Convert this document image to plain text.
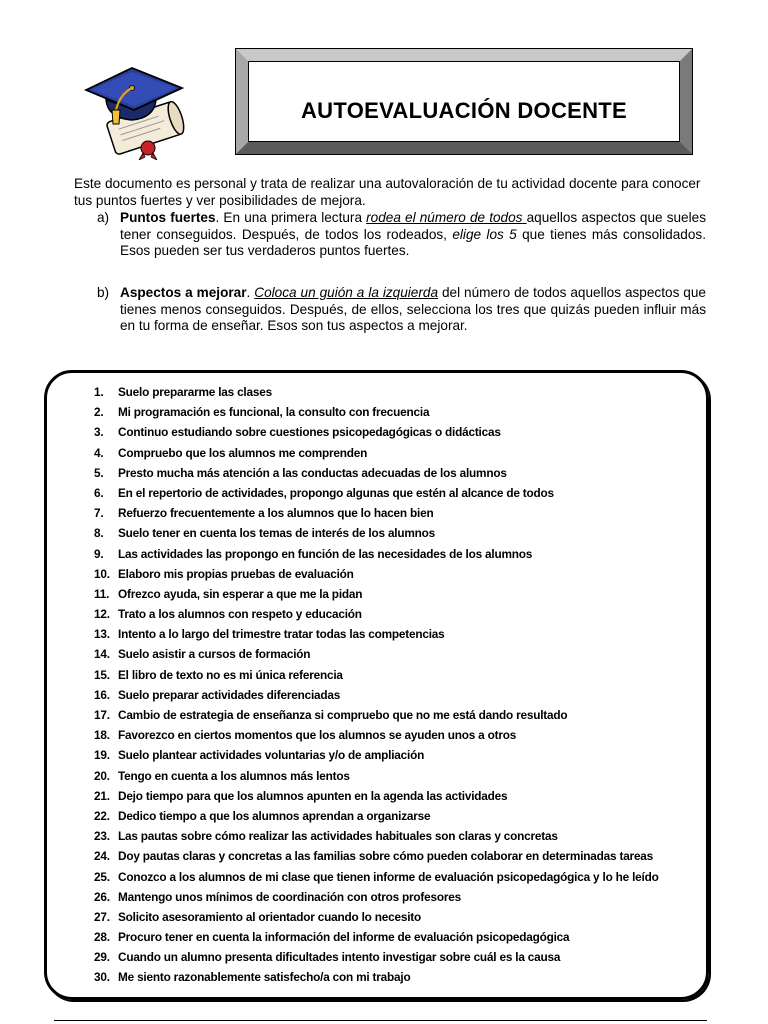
AUTOEVALUACIÓN DOCENTE

Este documento es personal y trata de realizar una autovaloración de tu actividad docente para conocer tus puntos fuertes y ver posibilidades de mejora.

a) Puntos fuertes. En una primera lectura rodea el número de todos aquellos aspectos que sueles tener conseguidos. Después, de todos los rodeados, elige los 5 que tienes más consolidados. Esos pueden ser tus verdaderos puntos fuertes.
b) Aspectos a mejorar. Coloca un guión a la izquierda del número de todos aquellos aspectos que tienes menos conseguidos. Después, de ellos, selecciona los tres que quizás pueden influir más en tu forma de enseñar. Esos son tus aspectos a mejorar.
1. Suelo prepararme las clases
2. Mi programación es funcional, la consulto con frecuencia
3. Continuo estudiando sobre cuestiones psicopedagógicas o didácticas
4. Compruebo que los alumnos me comprenden
5. Presto mucha más atención a las conductas adecuadas de los alumnos
6. En el repertorio de actividades, propongo algunas que estén al alcance de todos
7. Refuerzo frecuentemente a los alumnos que lo hacen bien
8. Suelo tener en cuenta los temas de interés de los alumnos
9. Las actividades las propongo en función de las necesidades de los alumnos
10. Elaboro mis propias pruebas de evaluación
11. Ofrezco ayuda, sin esperar a que me la pidan
12. Trato a los alumnos con respeto y educación
13. Intento a lo largo del trimestre tratar todas las competencias
14. Suelo asistir a cursos de formación
15. El libro de texto no es mi única referencia
16. Suelo preparar actividades diferenciadas
17. Cambio de estrategia de enseñanza si compruebo que no me está dando resultado
18. Favorezco en ciertos momentos que los alumnos se ayuden unos a otros
19. Suelo plantear actividades voluntarias y/o de ampliación
20. Tengo en cuenta a los alumnos más lentos
21. Dejo tiempo para que los alumnos apunten en la agenda las actividades
22. Dedico tiempo a que los alumnos aprendan a organizarse
23. Las pautas sobre cómo realizar las actividades habituales son claras y concretas
24. Doy pautas claras y concretas a las familias sobre cómo pueden colaborar en determinadas tareas
25. Conozco a los alumnos de mi clase que tienen informe de evaluación psicopedagógica y lo he leído
26. Mantengo unos mínimos de coordinación con otros profesores
27. Solicito asesoramiento al orientador cuando lo necesito
28. Procuro tener en cuenta la información del informe de evaluación psicopedagógica
29. Cuando un alumno presenta dificultades intento investigar sobre cuál es la causa
30. Me siento razonablemente satisfecho/a con mi trabajo
